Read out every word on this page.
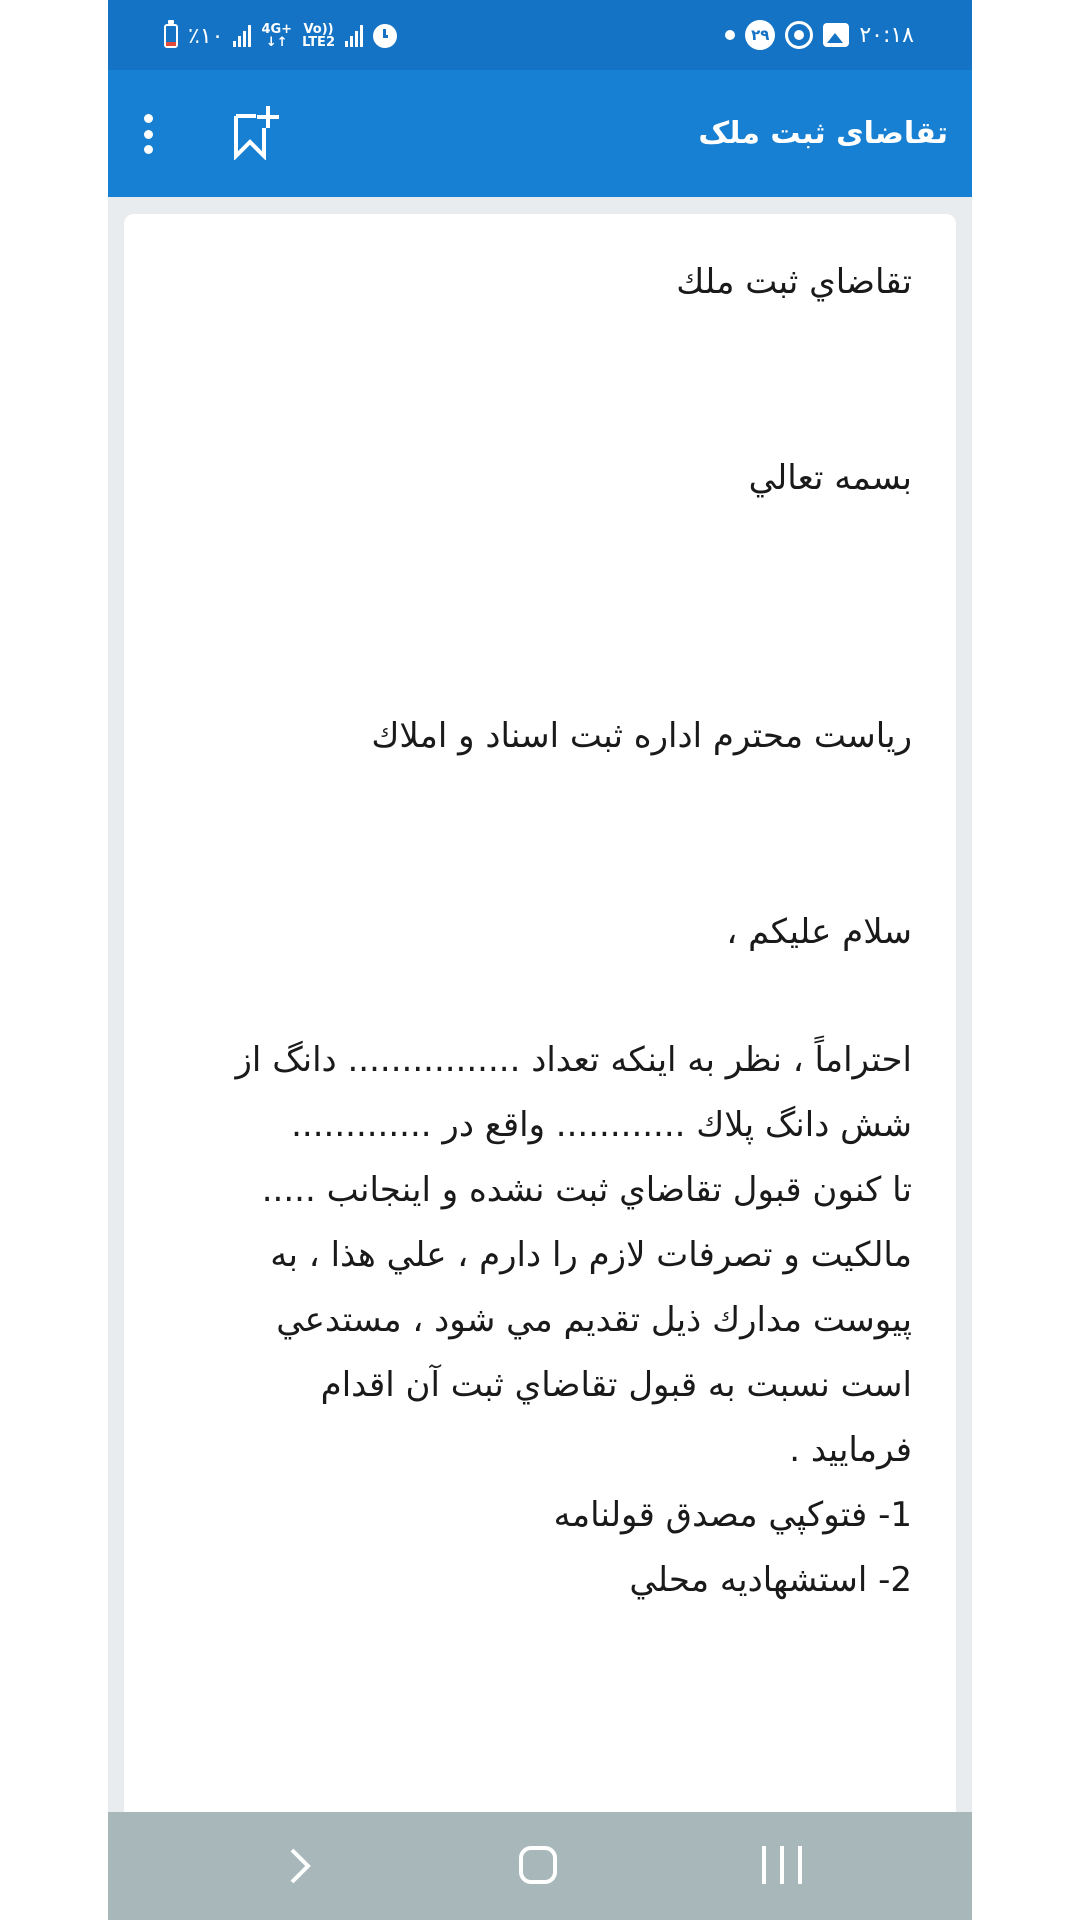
٪۱۰	4G+
↓↑
Vo))
LTE2	۲۹	۲۰:۱۸
تقاضای ثبت ملک

تقاضاي ثبت ملك

بسمه تعالي

رياست محترم اداره ثبت اسناد و املاك

سلام عليكم ،

احتراماً ، نظر به اينكه تعداد ................ دانگ از
شش دانگ پلاك ............ واقع در .............
تا كنون قبول تقاضاي ثبت نشده و اينجانب .....
مالكيت و تصرفات لازم را دارم ، علي هذا ، به
پيوست مدارك ذيل تقديم مي شود ، مستدعي
است نسبت به قبول تقاضاي ثبت آن اقدام
فرماييد .
1- فتوكپي مصدق قولنامه
2- استشهاديه محلي
